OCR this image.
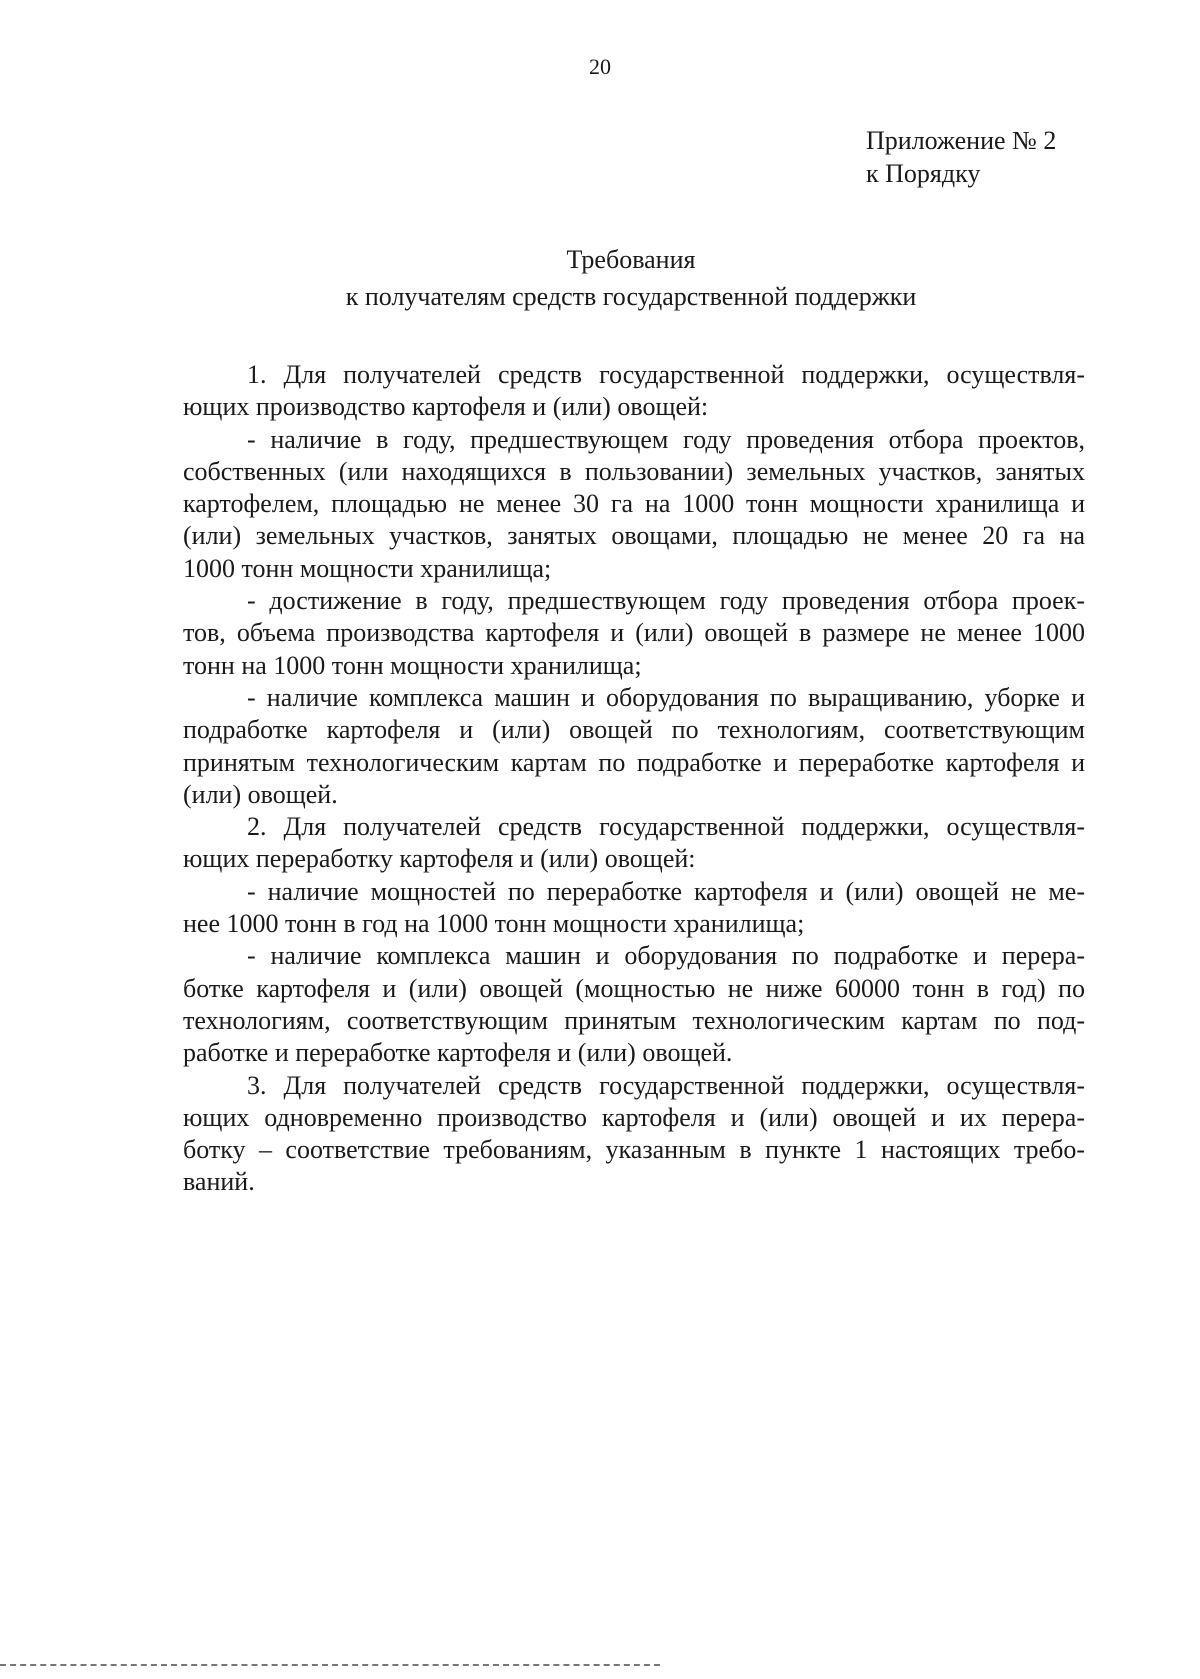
20
Приложение № 2
к Порядку
Требования
к получателям средств государственной поддержки
1. Для получателей средств государственной поддержки, осуществля-
ющих производство картофеля и (или) овощей:
- наличие в году, предшествующем году проведения отбора проектов,
собственных (или находящихся в пользовании) земельных участков, занятых
картофелем, площадью не менее 30 га на 1000 тонн мощности хранилища и
(или) земельных участков, занятых овощами, площадью не менее 20 га на
1000 тонн мощности хранилища;
- достижение в году, предшествующем году проведения отбора проек-
тов, объема производства картофеля и (или) овощей в размере не менее 1000
тонн на 1000 тонн мощности хранилища;
- наличие комплекса машин и оборудования по выращиванию, уборке и
подработке картофеля и (или) овощей по технологиям, соответствующим
принятым технологическим картам по подработке и переработке картофеля и
(или) овощей.
2. Для получателей средств государственной поддержки, осуществля-
ющих переработку картофеля и (или) овощей:
- наличие мощностей по переработке картофеля и (или) овощей не ме-
нее 1000 тонн в год на 1000 тонн мощности хранилища;
- наличие комплекса машин и оборудования по подработке и перера-
ботке картофеля и (или) овощей (мощностью не ниже 60000 тонн в год) по
технологиям, соответствующим принятым технологическим картам по под-
работке и переработке картофеля и (или) овощей.
3. Для получателей средств государственной поддержки, осуществля-
ющих одновременно производство картофеля и (или) овощей и их перера-
ботку – соответствие требованиям, указанным в пункте 1 настоящих требо-
ваний.
